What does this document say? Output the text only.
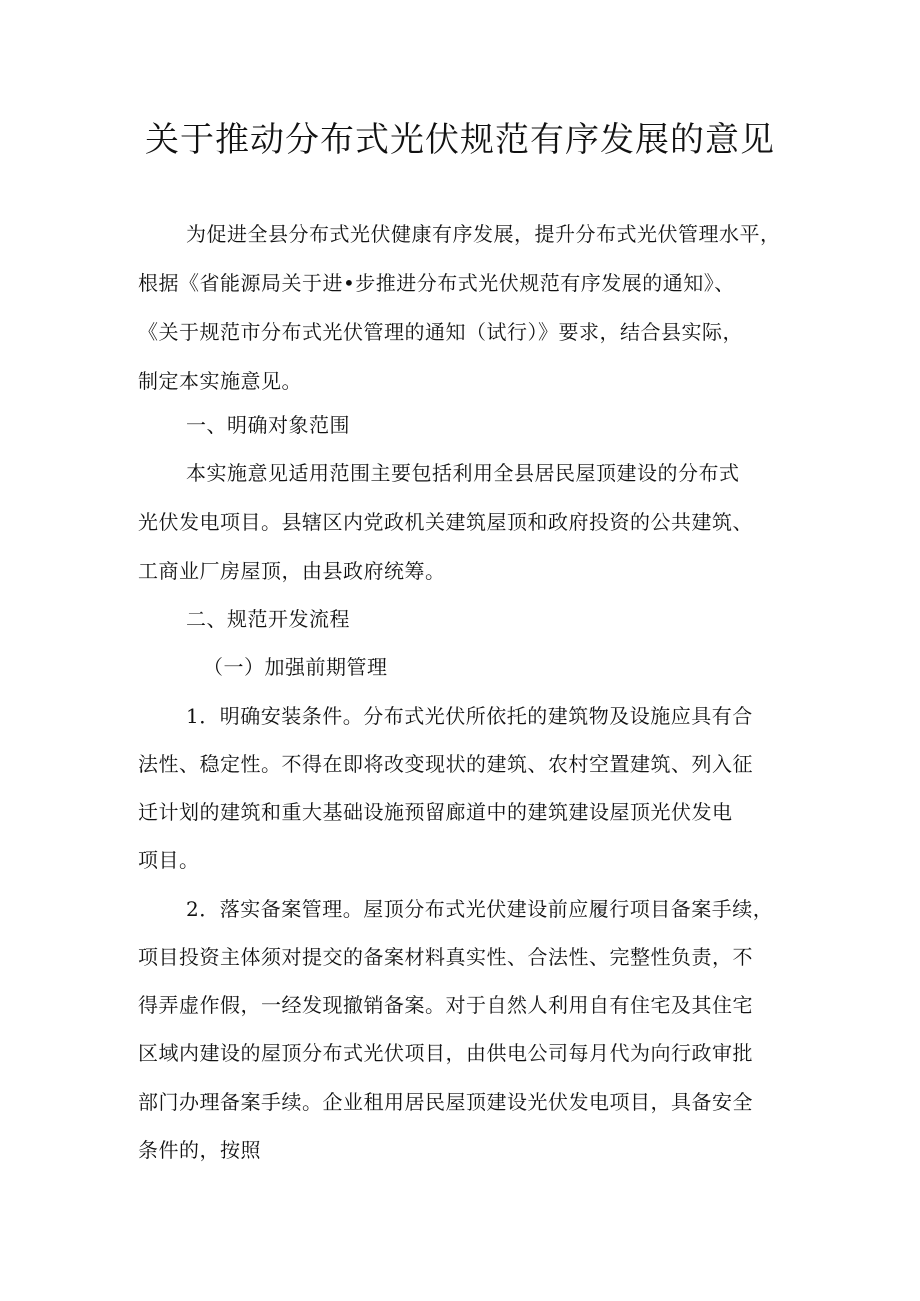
关于推动分布式光伏规范有序发展的意见
为促进全县分布式光伏健康有序发展，提升分布式光伏管理水平，
根据《省能源局关于进•步推进分布式光伏规范有序发展的通知》、
《关于规范市分布式光伏管理的通知（试行）》要求，结合县实际，
制定本实施意见。
一、明确对象范围
本实施意见适用范围主要包括利用全县居民屋顶建设的分布式
光伏发电项目。县辖区内党政机关建筑屋顶和政府投资的公共建筑、
工商业厂房屋顶，由县政府统筹。
二、规范开发流程
（一）加强前期管理
1．明确安装条件。分布式光伏所依托的建筑物及设施应具有合
法性、稳定性。不得在即将改变现状的建筑、农村空置建筑、列入征
迁计划的建筑和重大基础设施预留廊道中的建筑建设屋顶光伏发电
项目。
2．落实备案管理。屋顶分布式光伏建设前应履行项目备案手续，
项目投资主体须对提交的备案材料真实性、合法性、完整性负责，不
得弄虚作假，一经发现撤销备案。对于自然人利用自有住宅及其住宅
区域内建设的屋顶分布式光伏项目，由供电公司每月代为向行政审批
部门办理备案手续。企业租用居民屋顶建设光伏发电项目，具备安全
条件的，按照
